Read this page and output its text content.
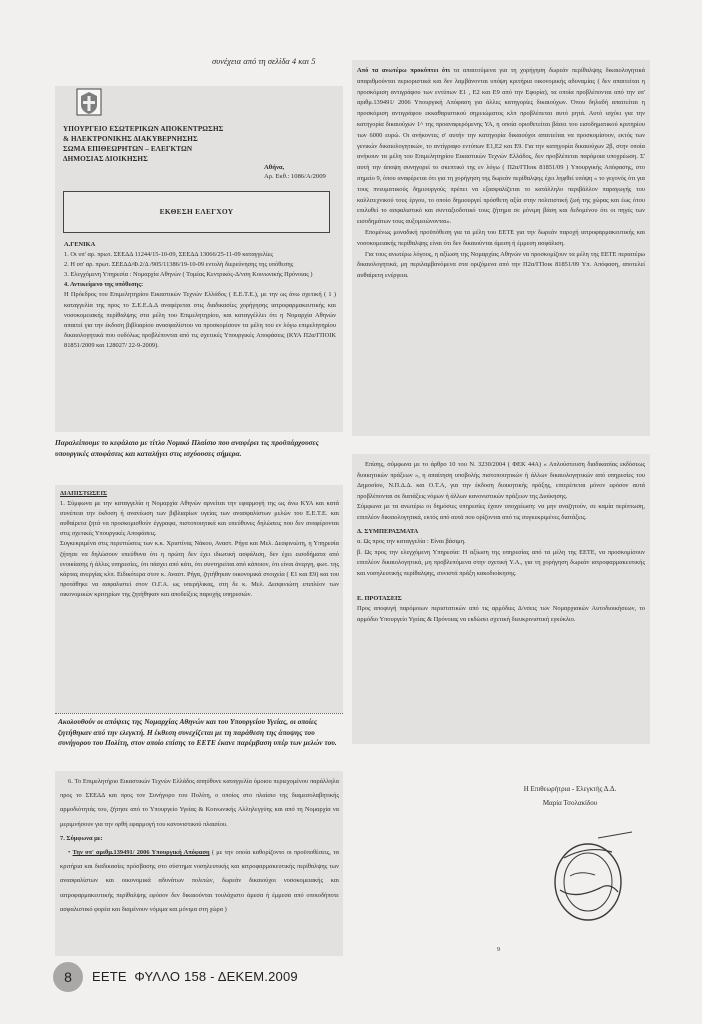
συνέχεια από τη σελίδα 4 και 5
ΥΠΟΥΡΓΕΙΟ ΕΣΩΤΕΡΙΚΩΝ ΑΠΟΚΕΝΤΡΩΣΗΣ
& ΗΛΕΚΤΡΟΝΙΚΗΣ ΔΙΑΚΥΒΕΡΝΗΣΗΣ
ΣΩΜΑ ΕΠΙΘΕΩΡΗΤΩΝ – ΕΛΕΓΚΤΩΝ
ΔΗΜΟΣΙΑΣ ΔΙΟΙΚΗΣΗΣ
Αθήνα,
Αρ. Εκθ.: 1086/Α/2009
ΕΚΘΕΣΗ ΕΛΕΓΧΟΥ

Α.ΓΕΝΙΚΑ

1. Οι υπ' αρ. πρωτ. ΣΕΕΔΔ 11244/15-10-09, ΣΕΕΔΔ 13066/25-11-09 καταγγελίες

2. Η υπ' αρ. πρωτ. ΣΕΕΔΔ/Φ.2/Δ /905/11386/19-10-09 εντολή διερεύνησης της υπόθεσης

3. Ελεγχόμενη Υπηρεσία : Νομαρχία Αθηνών ( Τομέας Κεντρικός-Δ/νση Κοινωνικής Πρόνοιας )

4. Αντικείμενο της υπόθεσης:

Η Πρόεδρος του Επιμελητηρίου Εικαστικών Τεχνών Ελλάδος ( Ε.Ε.Τ.Ε.), με την ως άνω σχετική ( 1 ) καταγγελία της προς το Σ.Ε.Ε.Δ.Δ αναφέρεται στις διαδικασίες χορήγησης ιατροφαρμακευτικής και νοσοκομειακής περίθαλψης στα μέλη του Επιμελητηρίου, και καταγγέλλει ότι η Νομαρχία Αθηνών απαιτεί για την έκδοση βιβλιαρίου ανασφαλίστου να προσκομίσουν τα μέλη του εν λόγω επιμελητηρίου δικαιολογητικά που ουδόλως προβλέπονται από τις σχετικές Υπουργικές Αποφάσεις (ΚΥΑ Π2α/ΓΠΟΙΚ 81851/2009 και 128027/ 22-9-2009).

Παραλείπουμε το κεφάλαιο με τίτλο Νομικό Πλαίσιο που αναφέρει τις προϋπάρχουσες υπουργικές αποφάσεις και καταλήγει στις ισχύουσες σήμερα.

ΔΙΑΠΙΣΤΩΣΕΙΣ

1. Σύμφωνα με την καταγγελία η Νομαρχία Αθηνών αρνείται την εφαρμογή της ως άνω ΚΥΑ και κατά συνέπεια την έκδοση ή ανανέωση των βιβλιαρίων υγείας των ανασφαλίστων μελών του Ε.Ε.Τ.Ε. και αυθαίρετα ζητά να προσκομισθούν έγγραφα, πιστοποιητικά και υπεύθυνες δηλώσεις που δεν αναφέρονται στις σχετικές Υπουργικές Αποφάσεις.

Συγκεκριμένα στις περιπτώσεις των κ.κ. Χριστίνας Νάκου, Αναστ. Ρήγα και Μελ. Δεσφινιώτη, η Υπηρεσία ζήτησε να δηλώσουν υπεύθυνα ότι η πρώτη δεν έχει ιδιωτική ασφάλιση, δεν έχει εισοδήματα από ενοικίασης ή άλλες υπηρεσίες, ότι πάσχει από κάτι, ότι συντηρείται από κάποιον, ότι είναι άνεργη, φωτ. της κάρτας ανεργίας κλπ. Ειδικότερα στον κ. Αναστ. Ρήγα, ζητήθηκαν οικονομικά στοιχεία ( Ε1 και Ε9) και του προτάθηκε να ασφαλιστεί στον Ο.Γ.Α. ως υπερήλικας, στη δε κ. Μελ. Δεσφινιώτη επιπλέον των οικονομικών κριτηρίων της ζητήθηκαν και αποδείξεις παροχής υπηρεσιών.

Ακολουθούν οι απόψεις της Νομαρχίας Αθηνών και του Υπουργείου Υγείας, οι οποίες ζητήθηκαν από την ελεγκτή. Η έκθεση συνεχίζεται με τη παράθεση της άποψης του συνήγορου του Πολίτη, στον οποίο επίσης το ΕΕΤΕ έκανε παρέμβαση υπέρ των μελών του.

6. Το Επιμελητήριο Εικαστικών Τεχνών Ελλάδος απηύθυνε καταγγελία όμοιου περιεχομένου παράλληλα προς το ΣΕΕΔΔ και προς τον Συνήγορο του Πολίτη, ο οποίος στο πλαίσιο της διαμεσολαβητικής αρμοδιότητάς του, ζήτησε από το Υπουργείο Υγείας & Κοινωνικής Αλληλεγγύης και από τη Νομαρχία να μεριμνήσουν για την ορθή εφαρμογή του κανονιστικού πλαισίου.

7. Σύμφωνα με:

• Την υπ' αριθμ.139491/ 2006 Υπουργική Απόφαση ( με την οποία καθορίζοντο οι προϋποθέσεις, τα κριτήρια και διαδικασίες πρόσβασης στο σύστημα νοσηλευτικής και ιατροφαρμακευτικής περίθαλψης των ανασφαλίστων και οικονομικά αδυνάτων πολιτών, δωρεάν δικαιούχοι νοσοκομειακής και ιατροφαρμακευτικής περίθαλψης εφόσον δεν δικαιούνται τουλάχιστο άμεσα ή έμμεσα από οποιοδήποτε ασφαλιστικό φορέα και διαμένουν νόμιμα και μόνιμα στη χώρα )

Από τα ανωτέρω προκύπτει ότι τα απαιτούμενα για τη χορήγηση δωρεάν περίθαλψης δικαιολογητικά απαριθμούνται περιοριστικά και δεν λαμβάνονται υπόψη κριτήρια οικονομικής αδυναμίας ( δεν απαιτείται η προσκόμιση αντιγράφου των εντύπων Ε1 , Ε2 και Ε9 από την Εφορία), τα οποία προβλέπονται από την υπ' αριθμ.139491/ 2006 Υπουργική Απόφαση για άλλες κατηγορίες δικαιούχων. Όπου δηλαδή απαιτείται η προσκόμιση αντιγράφου εκκαθαριστικού σημειώματος κλπ προβλέπεται αυτό ρητά. Αυτό ισχύει για την κατηγορία δικαιούχων 1^ της προαναφερόμενης ΥΑ, η οποία οριοθετείται βάσει του εισοδηματικού κριτηρίου των 6000 ευρώ. Οι ανήκοντες σ' αυτήν την κατηγορία δικαιούχοι απαιτείται να προσκομίσουν, εκτός των γενικών δικαιολογητικών, το αντίγραφο εντύπων Ε1,Ε2 και Ε9. Για την κατηγορία δικαιούχων 2β, στην οποία ανήκουν τα μέλη του Επιμελητηρίου Εικαστικών Τεχνών Ελλάδος, δεν προβλέπεται παρόμοια υποχρέωση. Σ' αυτή την άποψη συνηγορεί το σκεπτικό της εν λόγω ( Π2α/ΓΠοικ 81851/09 ) Υπουργικής Απόφασης, στο σημείο 9, όπου αναφέρεται ότι για τη χορήγηση της δωρεάν περίθαλψης έχει ληφθεί υπόψη « το γεγονός ότι για τους πνευματικούς δημιουργούς πρέπει να εξασφαλίζεται το κατάλληλο περιβάλλον παραγωγής του καλλιτεχνικού τους έργου, το οποίο δημιουργεί πρόσθετη αξία στην πολιτιστική ζωή της χώρας και έως ότου επιλυθεί το ασφαλιστικό και συνταξιοδοτικό τους ζήτημα σε μόνιμη βάση και δεδομένου ότι οι πηγές των εισοδημάτων τους αυξομειώνονται».

Επομένως μοναδική προϋπόθεση για τα μέλη του ΕΕΤΕ για την δωρεάν παροχή ιατροφαρμακευτικής και νοσοκομειακής περίθαλψης είναι ότι δεν δικαιούνται άμεση ή έμμεση ασφάλιση.

Για τους ανωτέρω λόγους, η αξίωση της Νομαρχίας Αθηνών να προσκομίζουν τα μέλη της ΕΕΤΕ περαιτέρω δικαιολογητικά, μη περιλαμβανόμενα στα οριζόμενα από την Π2α/ΓΠοικ 81851/09 Υπ. Απόφαση, αποτελεί αυθαίρετη ενέργεια.

Επίσης, σύμφωνα με το άρθρο 10 του Ν. 3230/2004 ( ΦΕΚ 44Α) « Απλούστευση διαδικασίας εκδόσεως διοικητικών πράξεων », η απαίτηση υποβολής πιστοποιητικών ή άλλων δικαιολογητικών από υπηρεσίες του Δημοσίου, Ν.Π.Δ.Δ. και Ο.Τ.Α, για την έκδοση διοικητικής πράξης, επιτρέπεται μόνον εφόσον αυτά προβλέπονται σε διατάξεις νόμων ή άλλων κανονιστικών πράξεων της Διοίκησης.

Σύμφωνα με τα ανωτέρω οι δημόσιες υπηρεσίες έχουν υποχρέωση: να μην αναζητούν, σε καμία περίπτωση, επιπλέον δικαιολογητικά, εκτός από αυτά που ορίζονται από τις συγκεκριμένες διατάξεις.

Δ. ΣΥΜΠΕΡΑΣΜΑΤΑ

α. Ως προς την καταγγελία : Είναι βάσιμη.

β. Ως προς την ελεγχόμενη Υπηρεσία: Η αξίωση της υπηρεσίας από τα μέλη της ΕΕΤΕ, να προσκομίσουν επιπλέον δικαιολογητικά, μη προβλεπόμενα στην σχετική Υ.Α., για τη χορήγηση δωρεάν ιατροφαρμακευτικής και νοσηλευτικής περίθαλψης, συνιστά πράξη κακοδιοίκησης.

Ε. ΠΡΟΤΑΣΕΙΣ

Προς αποφυγή παρόμοιων περιστατικών από τις αρμόδιες Δ/νσεις των Νομαρχιακών Αυτοδιοικήσεων, το αρμόδιο Υπουργείο Υγείας & Πρόνοιας να εκδώσει σχετική διευκρινιστική εγκύκλιο.

Η Επιθεωρήτρια - Ελεγκτής Δ.Δ.
Μαρία Τσολακίδου
9
8	ΕΕΤΕ  ΦΥΛΛΟ 158 - ΔΕΚΕΜ.2009
